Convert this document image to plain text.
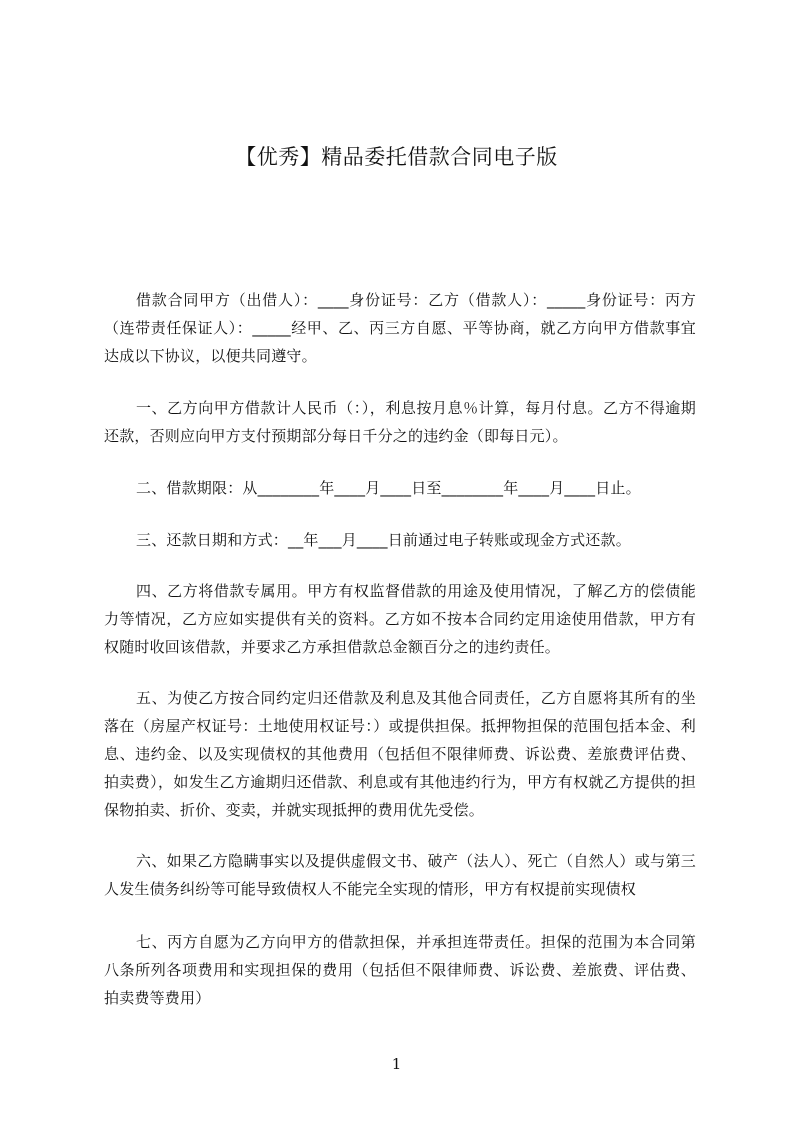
【优秀】精品委托借款合同电子版

借款合同甲方（出借人）：____身份证号：乙方（借款人）：_____身份证号：丙方（连带责任保证人）：_____经甲、乙、丙三方自愿、平等协商，就乙方向甲方借款事宜达成以下协议，以便共同遵守。

一、乙方向甲方借款计人民币（：），利息按月息％计算，每月付息。乙方不得逾期还款，否则应向甲方支付预期部分每日千分之的违约金（即每日元）。

二、借款期限：从________年____月____日至________年____月____日止。

三、还款日期和方式：__年___月____日前通过电子转账或现金方式还款。

四、乙方将借款专属用。甲方有权监督借款的用途及使用情况，了解乙方的偿债能力等情况，乙方应如实提供有关的资料。乙方如不按本合同约定用途使用借款，甲方有权随时收回该借款，并要求乙方承担借款总金额百分之的违约责任。

五、为使乙方按合同约定归还借款及利息及其他合同责任，乙方自愿将其所有的坐落在（房屋产权证号：土地使用权证号：）或提供担保。抵押物担保的范围包括本金、利息、违约金、以及实现债权的其他费用（包括但不限律师费、诉讼费、差旅费评估费、拍卖费），如发生乙方逾期归还借款、利息或有其他违约行为，甲方有权就乙方提供的担保物拍卖、折价、变卖，并就实现抵押的费用优先受偿。

六、如果乙方隐瞒事实以及提供虚假文书、破产（法人）、死亡（自然人）或与第三人发生债务纠纷等可能导致债权人不能完全实现的情形，甲方有权提前实现债权

七、丙方自愿为乙方向甲方的借款担保，并承担连带责任。担保的范围为本合同第八条所列各项费用和实现担保的费用（包括但不限律师费、诉讼费、差旅费、评估费、拍卖费等费用）

1
